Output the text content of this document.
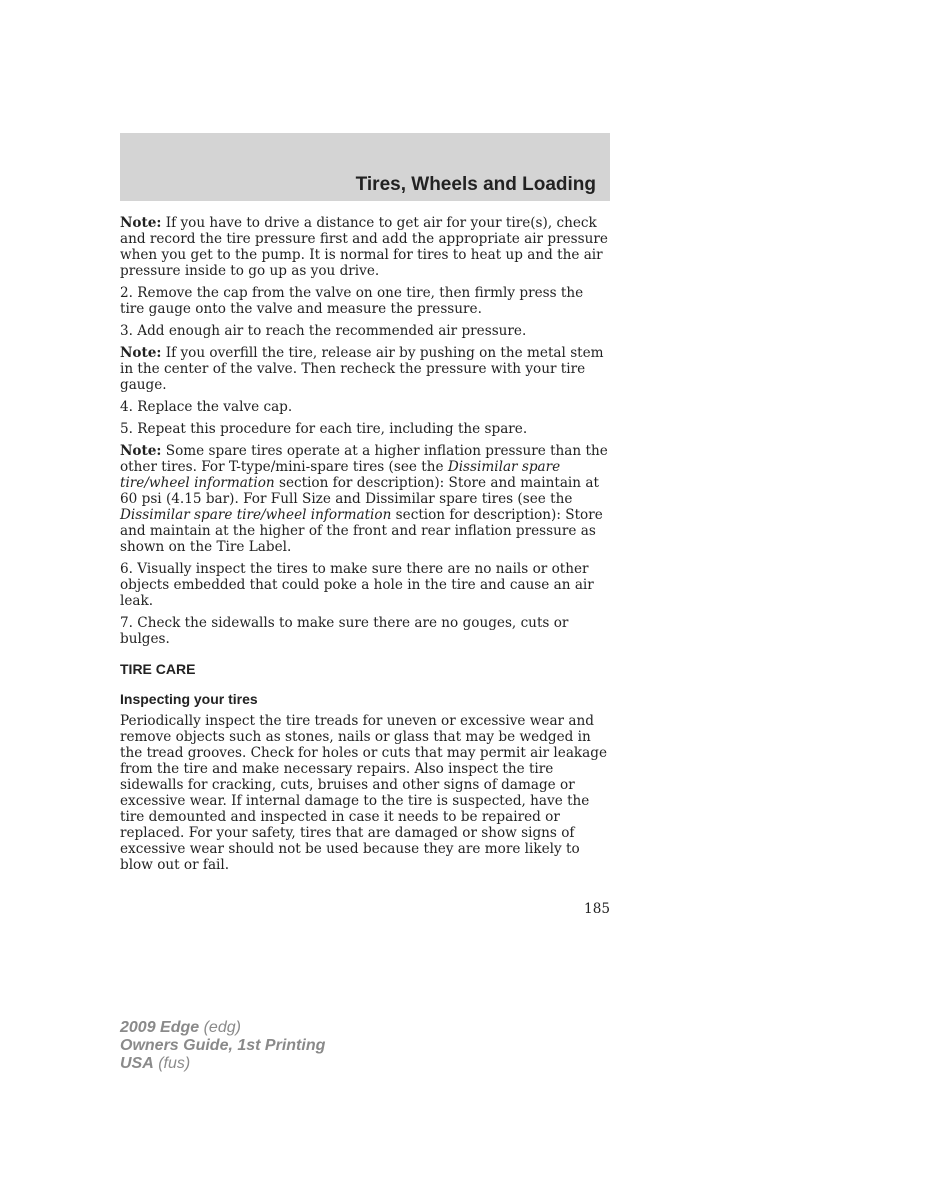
Tires, Wheels and Loading

Note: If you have to drive a distance to get air for your tire(s), check and record the tire pressure first and add the appropriate air pressure when you get to the pump. It is normal for tires to heat up and the air pressure inside to go up as you drive.

2. Remove the cap from the valve on one tire, then firmly press the tire gauge onto the valve and measure the pressure.

3. Add enough air to reach the recommended air pressure.

Note: If you overfill the tire, release air by pushing on the metal stem in the center of the valve. Then recheck the pressure with your tire gauge.

4. Replace the valve cap.

5. Repeat this procedure for each tire, including the spare.

Note: Some spare tires operate at a higher inflation pressure than the other tires. For T-type/mini-spare tires (see the Dissimilar spare tire/wheel information section for description): Store and maintain at 60 psi (4.15 bar). For Full Size and Dissimilar spare tires (see the Dissimilar spare tire/wheel information section for description): Store and maintain at the higher of the front and rear inflation pressure as shown on the Tire Label.

6. Visually inspect the tires to make sure there are no nails or other objects embedded that could poke a hole in the tire and cause an air leak.

7. Check the sidewalls to make sure there are no gouges, cuts or bulges.

TIRE CARE

Inspecting your tires

Periodically inspect the tire treads for uneven or excessive wear and remove objects such as stones, nails or glass that may be wedged in the tread grooves. Check for holes or cuts that may permit air leakage from the tire and make necessary repairs. Also inspect the tire sidewalls for cracking, cuts, bruises and other signs of damage or excessive wear. If internal damage to the tire is suspected, have the tire demounted and inspected in case it needs to be repaired or replaced. For your safety, tires that are damaged or show signs of excessive wear should not be used because they are more likely to blow out or fail.

185
2009 Edge (edg)
Owners Guide, 1st Printing
USA (fus)
